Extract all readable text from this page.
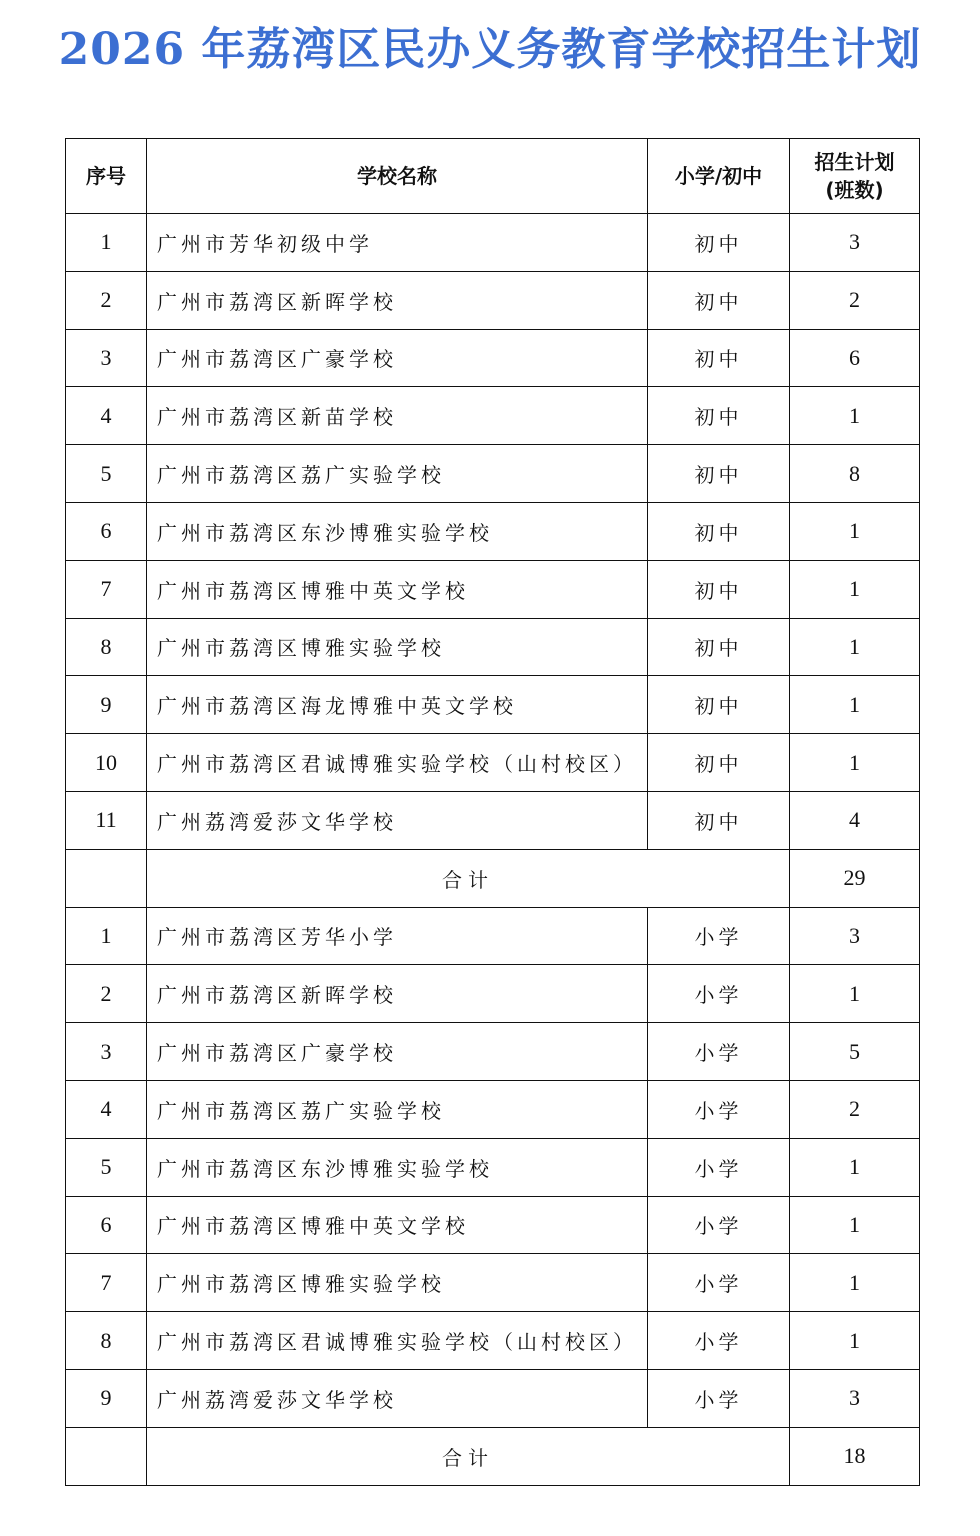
2026 年荔湾区民办义务教育学校招生计划
序号	学校名称	小学/初中	招生计划
(班数)

1	广州市芳华初级中学	初中	3
2	广州市荔湾区新晖学校	初中	2
3	广州市荔湾区广豪学校	初中	6
4	广州市荔湾区新苗学校	初中	1
5	广州市荔湾区荔广实验学校	初中	8
6	广州市荔湾区东沙博雅实验学校	初中	1
7	广州市荔湾区博雅中英文学校	初中	1
8	广州市荔湾区博雅实验学校	初中	1
9	广州市荔湾区海龙博雅中英文学校	初中	1
10	广州市荔湾区君诚博雅实验学校（山村校区）	初中	1
11	广州荔湾爱莎文华学校	初中	4
	合计		29
1	广州市荔湾区芳华小学	小学	3
2	广州市荔湾区新晖学校	小学	1
3	广州市荔湾区广豪学校	小学	5
4	广州市荔湾区荔广实验学校	小学	2
5	广州市荔湾区东沙博雅实验学校	小学	1
6	广州市荔湾区博雅中英文学校	小学	1
7	广州市荔湾区博雅实验学校	小学	1
8	广州市荔湾区君诚博雅实验学校（山村校区）	小学	1
9	广州荔湾爱莎文华学校	小学	3
	合计		18
